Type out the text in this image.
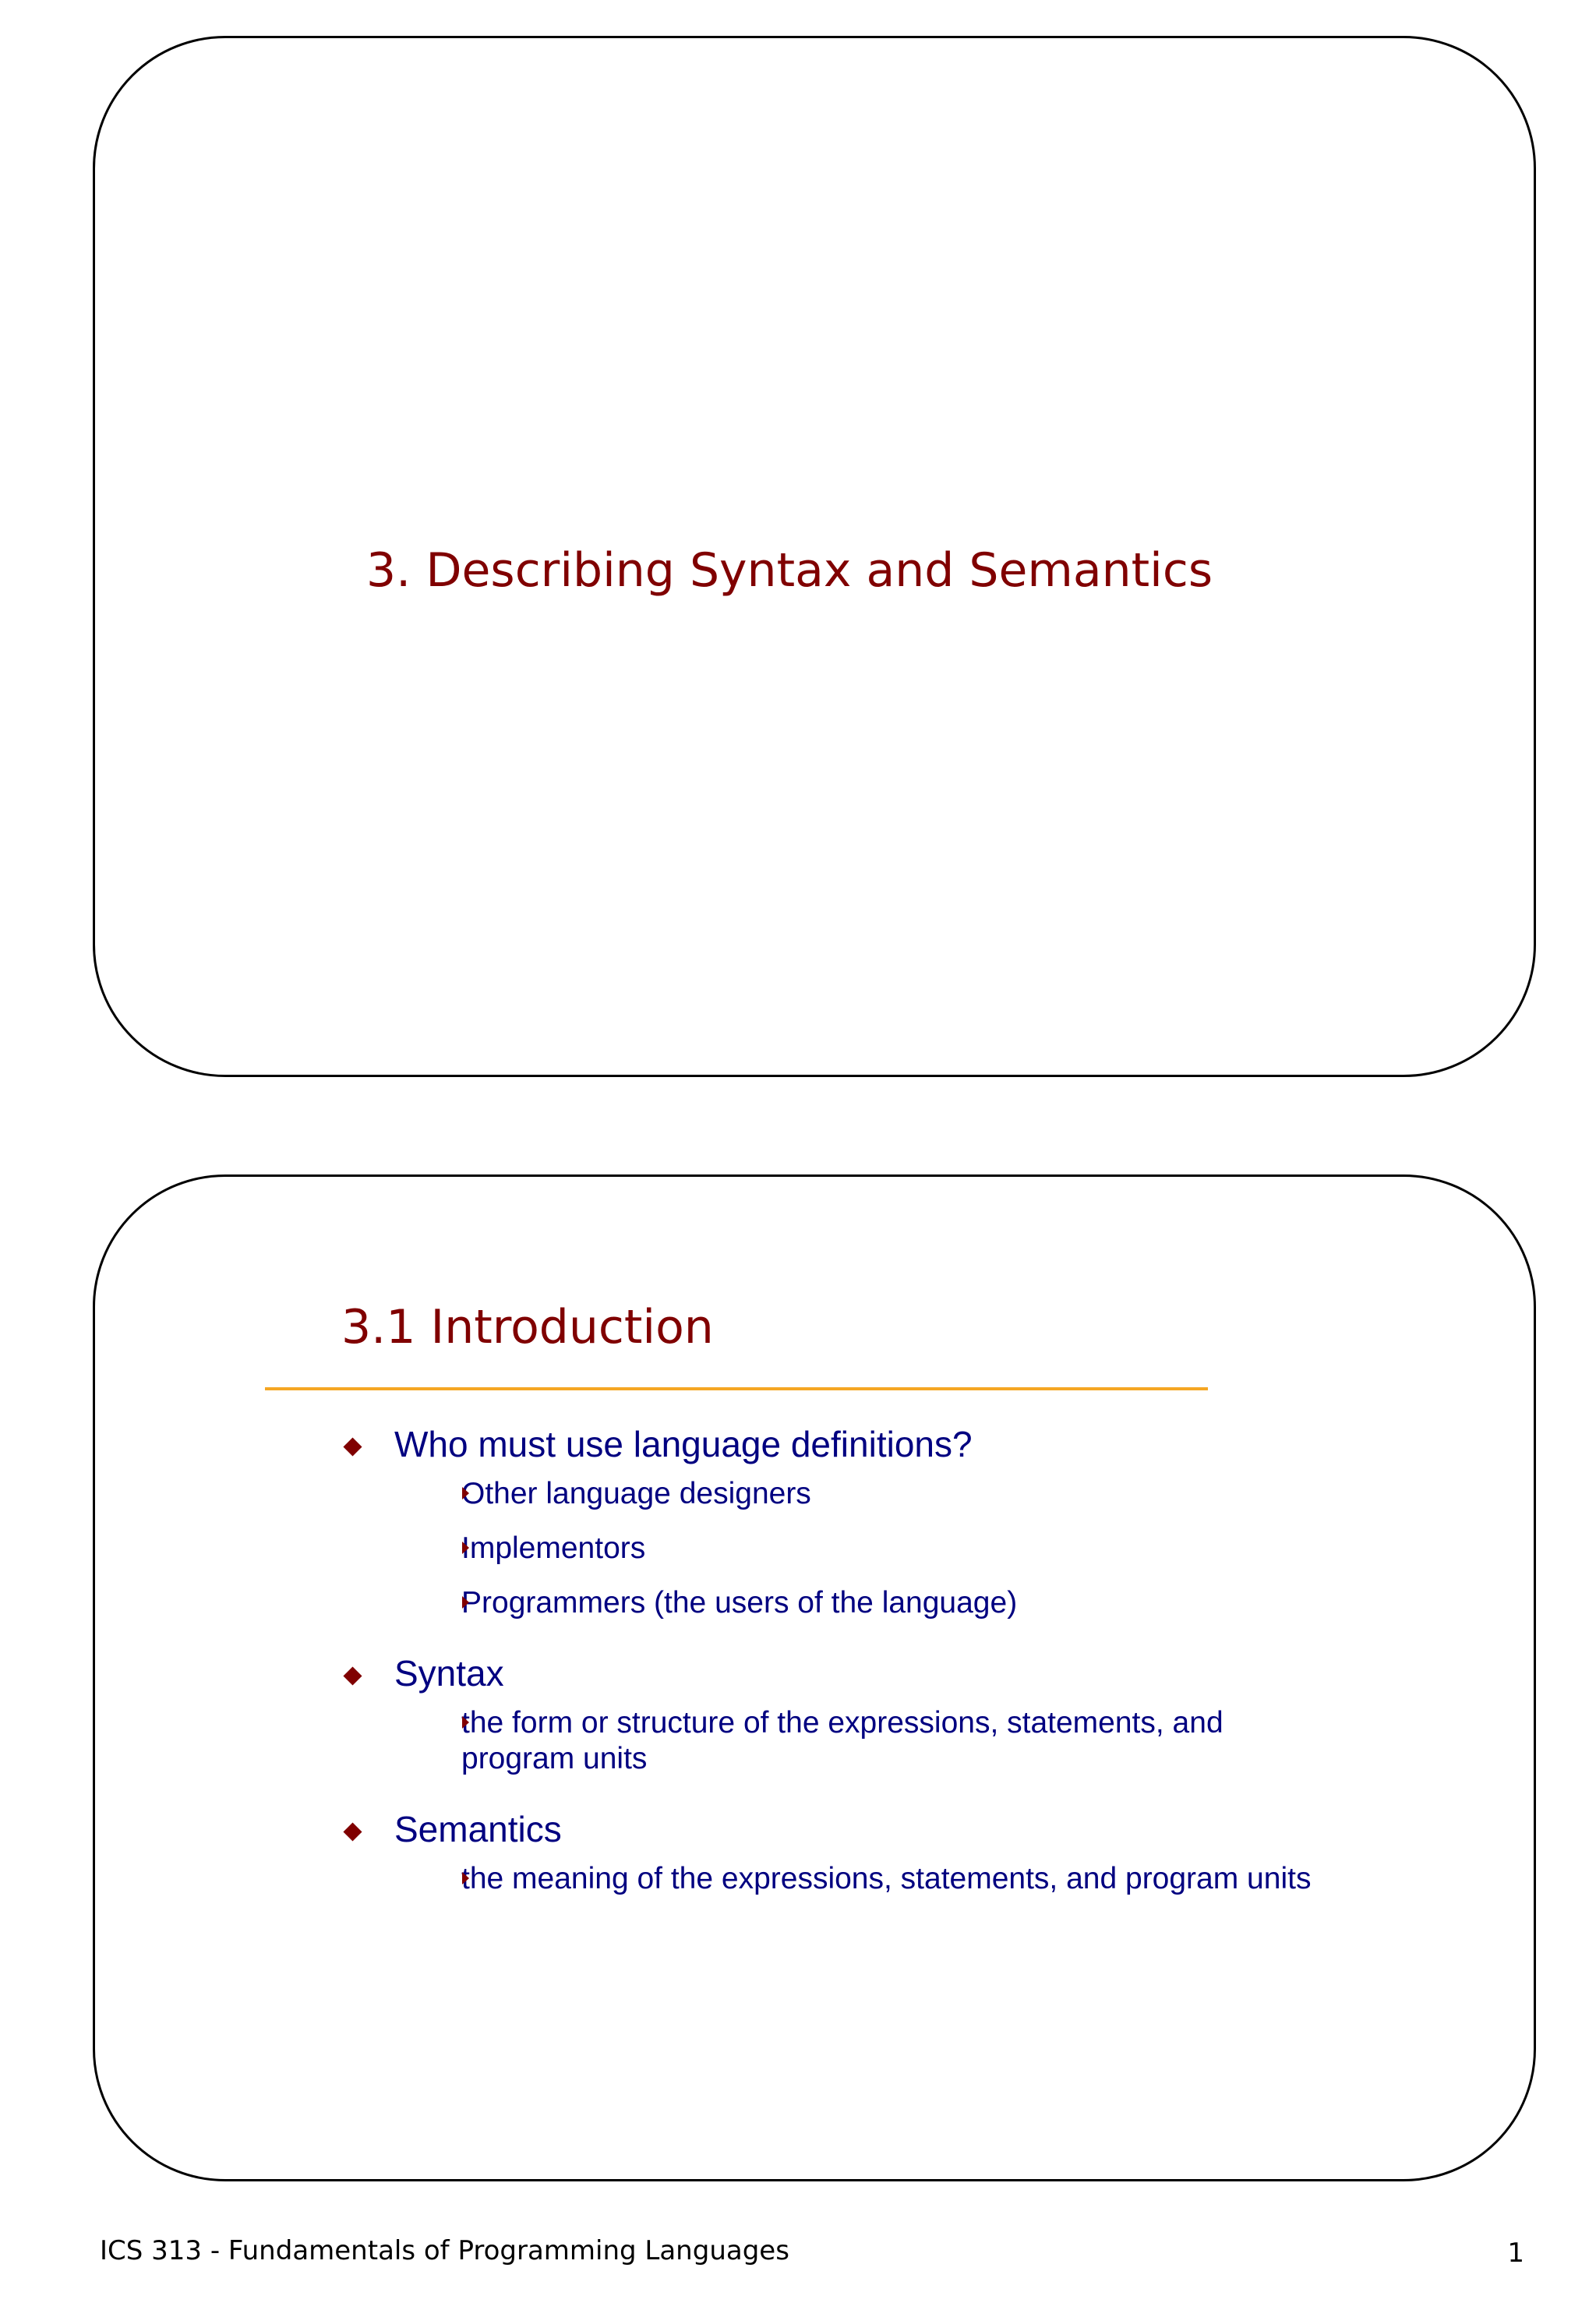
3. Describing Syntax and Semantics
3.1 Introduction
Who must use language definitions?
Other language designers
Implementors
Programmers (the users of the language)
Syntax
the form or structure of the expressions, statements, and program units
Semantics
the meaning of the expressions, statements, and program units
ICS 313 - Fundamentals of Programming Languages	1
